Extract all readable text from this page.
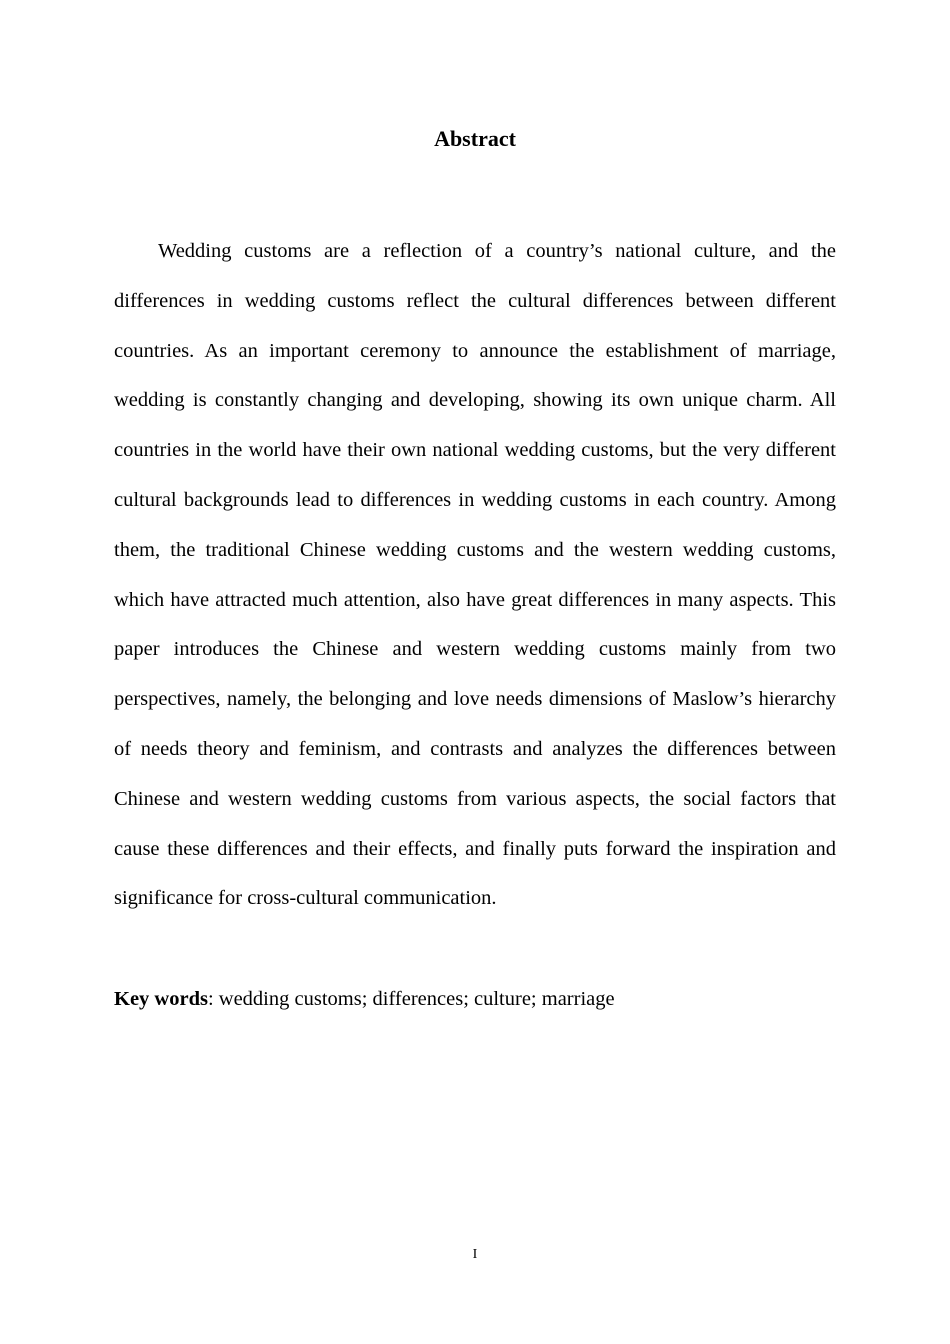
Abstract

Wedding customs are a reflection of a country’s national culture, and the differences in wedding customs reflect the cultural differences between different countries. As an important ceremony to announce the establishment of marriage, wedding is constantly changing and developing, showing its own unique charm. All countries in the world have their own national wedding customs, but the very different cultural backgrounds lead to differences in wedding customs in each country. Among them, the traditional Chinese wedding customs and the western wedding customs, which have attracted much attention, also have great differences in many aspects. This paper introduces the Chinese and western wedding customs mainly from two perspectives, namely, the belonging and love needs dimensions of Maslow’s hierarchy of needs theory and feminism, and contrasts and analyzes the differences between Chinese and western wedding customs from various aspects, the social factors that cause these differences and their effects, and finally puts forward the inspiration and significance for cross-cultural communication.

Key words: wedding customs; differences; culture; marriage

I
